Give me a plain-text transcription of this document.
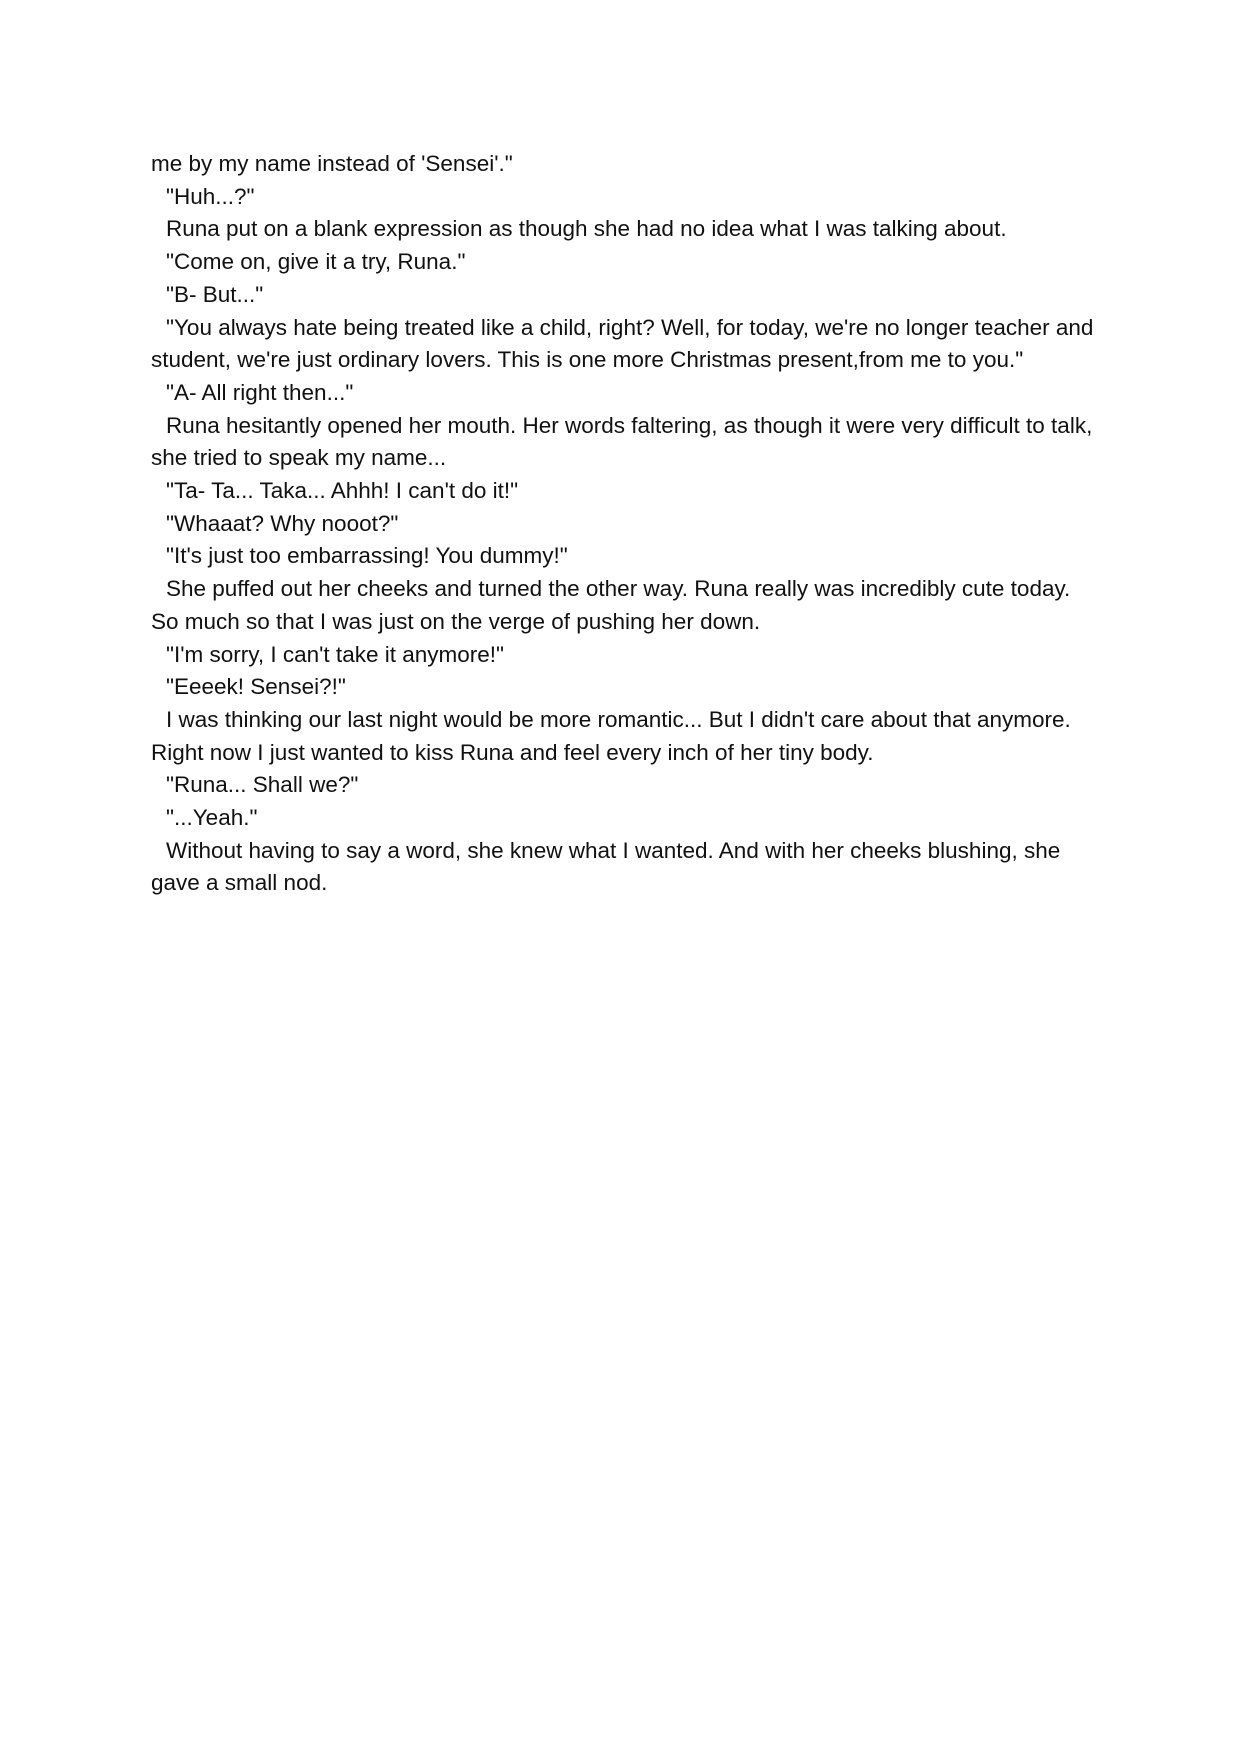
me by my name instead of 'Sensei'."

"Huh...?"

Runa put on a blank expression as though she had no idea what I was talking about.

"Come on, give it a try, Runa."

"B- But..."

"You always hate being treated like a child, right? Well, for today, we're no longer teacher and student, we're just ordinary lovers. This is one more Christmas present,from me to you."

"A- All right then..."

Runa hesitantly opened her mouth. Her words faltering, as though it were very difficult to talk, she tried to speak my name...

"Ta- Ta... Taka... Ahhh! I can't do it!"

"Whaaat? Why nooot?"

"It's just too embarrassing! You dummy!"

She puffed out her cheeks and turned the other way. Runa really was incredibly cute today. So much so that I was just on the verge of pushing her down.

"I'm sorry, I can't take it anymore!"

"Eeeek! Sensei?!"

I was thinking our last night would be more romantic... But I didn't care about that anymore. Right now I just wanted to kiss Runa and feel every inch of her tiny body.

"Runa... Shall we?"

"...Yeah."

Without having to say a word, she knew what I wanted. And with her cheeks blushing, she gave a small nod.
